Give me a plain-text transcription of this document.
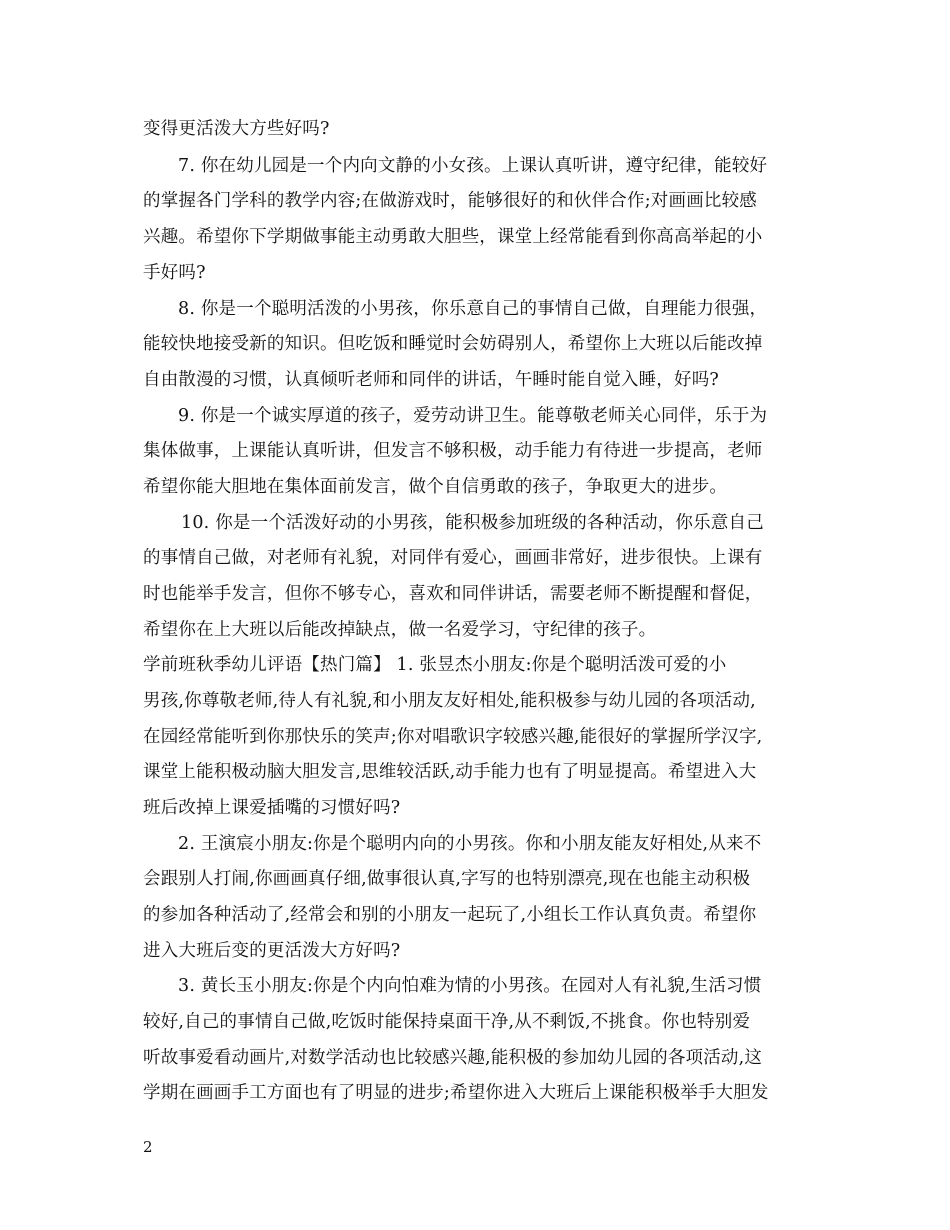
变得更活泼大方些好吗?
7. 你在幼儿园是一个内向文静的小女孩。上课认真听讲，遵守纪律，能较好
的掌握各门学科的教学内容;在做游戏时，能够很好的和伙伴合作;对画画比较感
兴趣。希望你下学期做事能主动勇敢大胆些，课堂上经常能看到你高高举起的小
手好吗?
8. 你是一个聪明活泼的小男孩，你乐意自己的事情自己做，自理能力很强，
能较快地接受新的知识。但吃饭和睡觉时会妨碍别人，希望你上大班以后能改掉
自由散漫的习惯，认真倾听老师和同伴的讲话，午睡时能自觉入睡，好吗?
9. 你是一个诚实厚道的孩子，爱劳动讲卫生。能尊敬老师关心同伴，乐于为
集体做事，上课能认真听讲，但发言不够积极，动手能力有待进一步提高，老师
希望你能大胆地在集体面前发言，做个自信勇敢的孩子，争取更大的进步。
10. 你是一个活泼好动的小男孩，能积极参加班级的各种活动，你乐意自己
的事情自己做，对老师有礼貌，对同伴有爱心，画画非常好，进步很快。上课有
时也能举手发言，但你不够专心，喜欢和同伴讲话，需要老师不断提醒和督促，
希望你在上大班以后能改掉缺点，做一名爱学习，守纪律的孩子。
学前班秋季幼儿评语【热门篇】 1. 张昱杰小朋友:你是个聪明活泼可爱的小
男孩,你尊敬老师,待人有礼貌,和小朋友友好相处,能积极参与幼儿园的各项活动,
在园经常能听到你那快乐的笑声;你对唱歌识字较感兴趣,能很好的掌握所学汉字,
课堂上能积极动脑大胆发言,思维较活跃,动手能力也有了明显提高。希望进入大
班后改掉上课爱插嘴的习惯好吗?
2. 王演宸小朋友:你是个聪明内向的小男孩。你和小朋友能友好相处,从来不
会跟别人打闹,你画画真仔细,做事很认真,字写的也特别漂亮,现在也能主动积极
的参加各种活动了,经常会和别的小朋友一起玩了,小组长工作认真负责。希望你
进入大班后变的更活泼大方好吗?
3. 黄长玉小朋友:你是个内向怕难为情的小男孩。在园对人有礼貌,生活习惯
较好,自己的事情自己做,吃饭时能保持桌面干净,从不剩饭,不挑食。你也特别爱
听故事爱看动画片,对数学活动也比较感兴趣,能积极的参加幼儿园的各项活动,这
学期在画画手工方面也有了明显的进步;希望你进入大班后上课能积极举手大胆发
2
